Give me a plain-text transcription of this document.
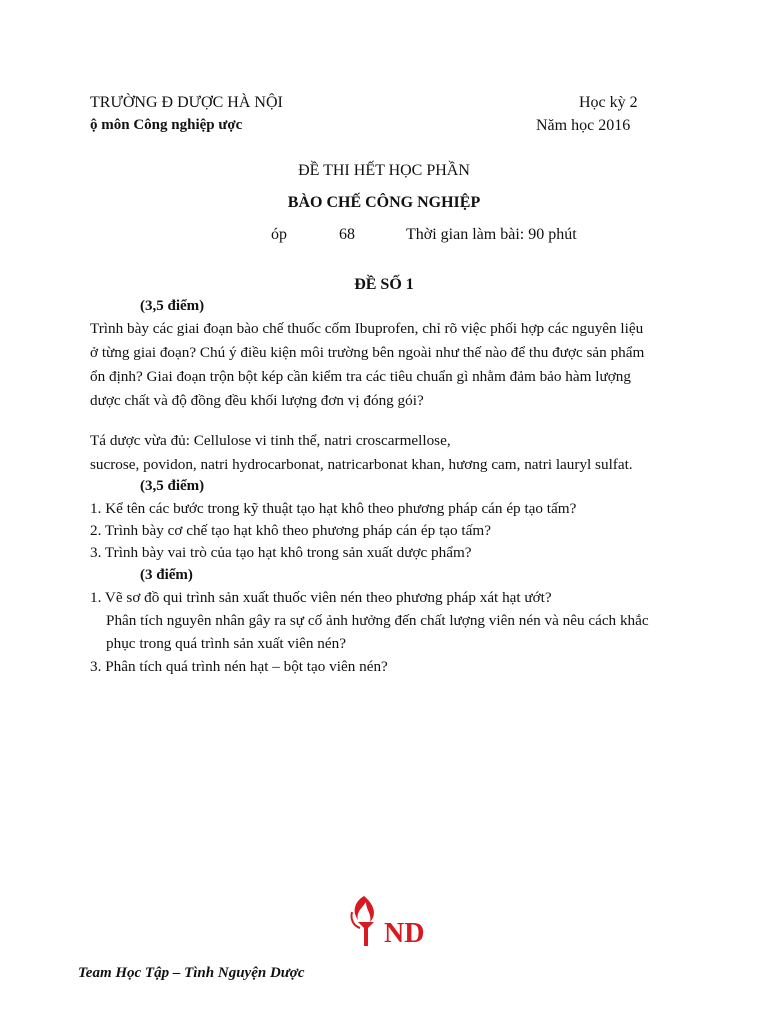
TRƯỜNG Đ DƯỢC HÀ NỘI	Học kỳ 2
ộ môn Công nghiệp ược	Năm học 2016
ĐỀ THI HẾT HỌC PHẦN
BÀO CHẾ CÔNG NGHIỆP
óp	68	Thời gian làm bài: 90 phút
ĐỀ SỐ 1
(3,5 điểm)
Trình bày các giai đoạn bào chế thuốc cốm Ibuprofen, chỉ rõ việc phối hợp các nguyên liệu
ở từng giai đoạn? Chú ý điều kiện môi trường bên ngoài như thế nào để thu được sản phẩm
ổn định? Giai đoạn trộn bột kép cần kiểm tra các tiêu chuẩn gì nhằm đảm bảo hàm lượng
dược chất và độ đồng đều khối lượng đơn vị đóng gói?
Tá dược vừa đủ: Cellulose vi tinh thể, natri croscarmellose,
sucrose, povidon, natri hydrocarbonat, natricarbonat khan, hương cam, natri lauryl sulfat.
(3,5 điểm)
1. Kể tên các bước trong kỹ thuật tạo hạt khô theo phương pháp cán ép tạo tấm?
2. Trình bày cơ chế tạo hạt khô theo phương pháp cán ép tạo tấm?
3. Trình bày vai trò của tạo hạt khô trong sản xuất dược phẩm?
(3 điểm)
1. Vẽ sơ đồ qui trình sản xuất thuốc viên nén theo phương pháp xát hạt ướt?
Phân tích nguyên nhân gây ra sự cố ảnh hưởng đến chất lượng viên nén và nêu cách khắc
phục trong quá trình sản xuất viên nén?
3. Phân tích quá trình nén hạt – bột tạo viên nén?
ND
Team Học Tập – Tình Nguyện Dược
